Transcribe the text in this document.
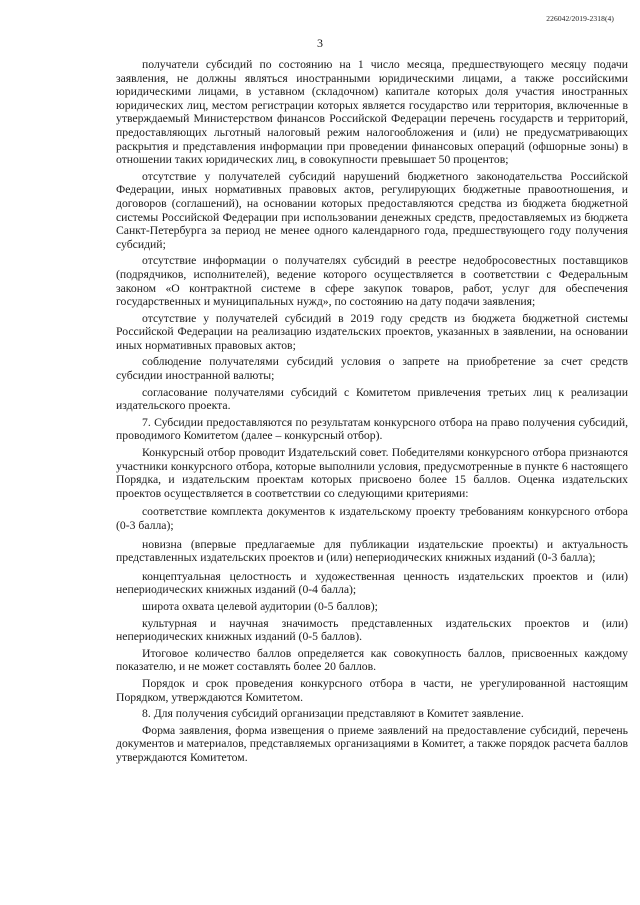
226042/2019-2318(4)
3

получатели субсидий по состоянию на 1 число месяца, предшествующего месяцу подачи заявления, не должны являться иностранными юридическими лицами, а также российскими юридическими лицами, в уставном (складочном) капитале которых доля участия иностранных юридических лиц, местом регистрации которых является государство или территория, включенные в утверждаемый Министерством финансов Российской Федерации перечень государств и территорий, предоставляющих льготный налоговый режим налогообложения и (или) не предусматривающих раскрытия и представления информации при проведении финансовых операций (офшорные зоны) в отношении таких юридических лиц, в совокупности превышает 50 процентов;

отсутствие у получателей субсидий нарушений бюджетного законодательства Российской Федерации, иных нормативных правовых актов, регулирующих бюджетные правоотношения, и договоров (соглашений), на основании которых предоставляются средства из бюджета бюджетной системы Российской Федерации при использовании денежных средств, предоставляемых из бюджета Санкт-Петербурга за период не менее одного календарного года, предшествующего году получения субсидий;

отсутствие информации о получателях субсидий в реестре недобросовестных поставщиков (подрядчиков, исполнителей), ведение которого осуществляется в соответствии с Федеральным законом «О контрактной системе в сфере закупок товаров, работ, услуг для обеспечения государственных и муниципальных нужд», по состоянию на дату подачи заявления;

отсутствие у получателей субсидий в 2019 году средств из бюджета бюджетной системы Российской Федерации на реализацию издательских проектов, указанных в заявлении, на основании иных нормативных правовых актов;

соблюдение получателями субсидий условия о запрете на приобретение за счет средств субсидии иностранной валюты;

согласование получателями субсидий с Комитетом привлечения третьих лиц к реализации издательского проекта.

7. Субсидии предоставляются по результатам конкурсного отбора на право получения субсидий, проводимого Комитетом (далее – конкурсный отбор).

Конкурсный отбор проводит Издательский совет. Победителями конкурсного отбора признаются участники конкурсного отбора, которые выполнили условия, предусмотренные в пункте 6 настоящего Порядка, и издательским проектам которых присвоено более 15 баллов. Оценка издательских проектов осуществляется в соответствии со следующими критериями:

соответствие комплекта документов к издательскому проекту требованиям конкурсного отбора (0-3 балла);

новизна (впервые предлагаемые для публикации издательские проекты) и актуальность представленных издательских проектов и (или) непериодических книжных изданий (0-3 балла);

концептуальная целостность и художественная ценность издательских проектов и (или) непериодических книжных изданий (0-4 балла);

широта охвата целевой аудитории (0-5 баллов);

культурная и научная значимость представленных издательских проектов и (или) непериодических книжных изданий (0-5 баллов).

Итоговое количество баллов определяется как совокупность баллов, присвоенных каждому показателю, и не может составлять более 20 баллов.

Порядок и срок проведения конкурсного отбора в части, не урегулированной настоящим Порядком, утверждаются Комитетом.

8. Для получения субсидий организации представляют в Комитет заявление.

Форма заявления, форма извещения о приеме заявлений на предоставление субсидий, перечень документов и материалов, представляемых организациями в Комитет, а также порядок расчета баллов утверждаются Комитетом.
